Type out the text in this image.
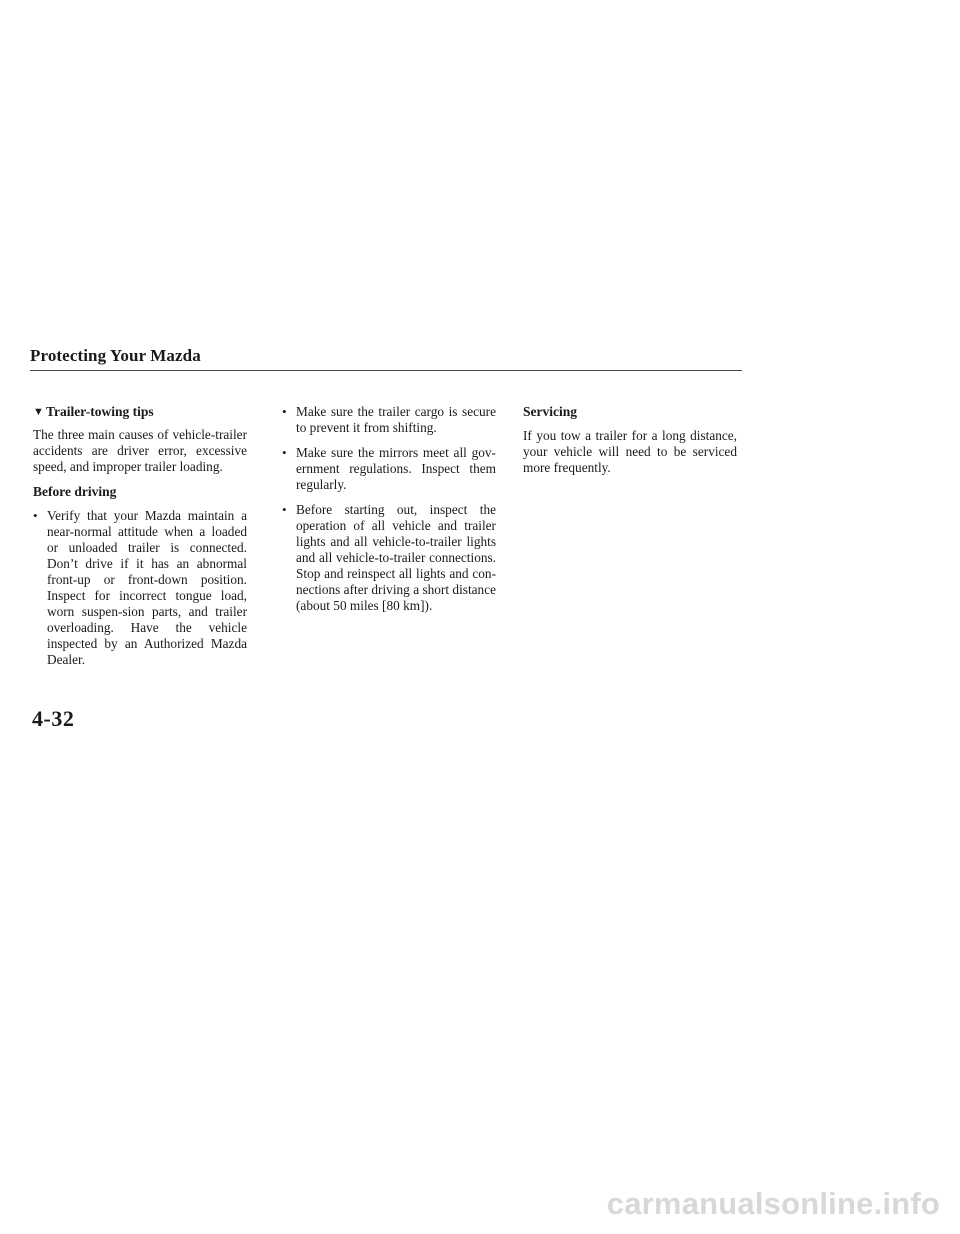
Protecting Your Mazda
▼ Trailer-towing tips

The three main causes of vehicle-trailer accidents are driver error, excessive speed, and improper trailer loading.

Before driving
• Verify that your Mazda maintain a near-normal attitude when a loaded or unloaded trailer is connected. Don’t drive if it has an abnormal front-up or front-down position. Inspect for incorrect tongue load, worn suspen-sion parts, and trailer overloading. Have the vehicle inspected by an Authorized Mazda Dealer.
• Make sure the trailer cargo is secure to prevent it from shifting.
• Make sure the mirrors meet all gov-ernment regulations. Inspect them regularly.
• Before starting out, inspect the operation of all vehicle and trailer lights and all vehicle-to-trailer lights and all vehicle-to-trailer connections. Stop and reinspect all lights and con-nections after driving a short distance (about 50 miles [80 km]).
Servicing

If you tow a trailer for a long distance, your vehicle will need to be serviced more frequently.

4-32
carmanualsonline.info
